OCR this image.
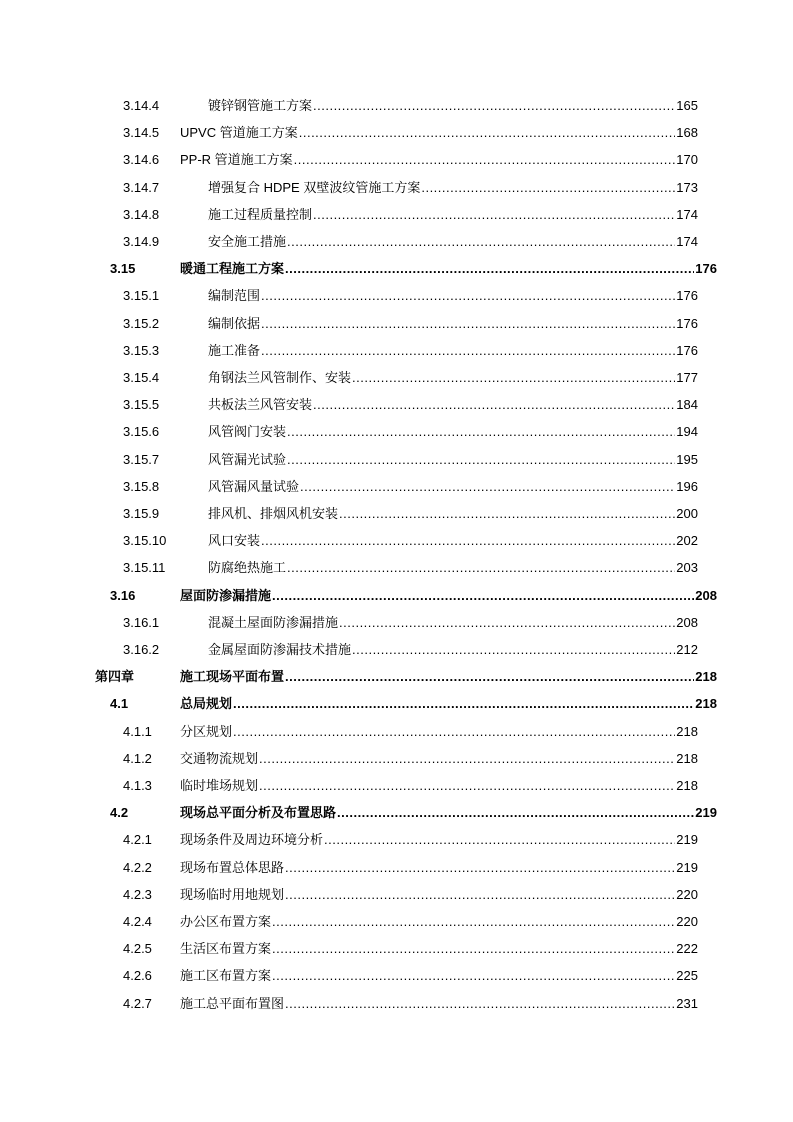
3.14.4	镀锌钢管施工方案 .....	165
3.14.5	UPVC 管道施工方案 .....	168
3.14.6	PP-R 管道施工方案 .....	170
3.14.7	增强复合 HDPE 双壁波纹管施工方案 .....	173
3.14.8	施工过程质量控制 .....	174
3.14.9	安全施工措施 .....	174
3.15	暖通工程施工方案 .....	176
3.15.1	编制范围 .....	176
3.15.2	编制依据 .....	176
3.15.3	施工准备 .....	176
3.15.4	角钢法兰风管制作、安装 .....	177
3.15.5	共板法兰风管安装 .....	184
3.15.6	风管阀门安装 .....	194
3.15.7	风管漏光试验 .....	195
3.15.8	风管漏风量试验 .....	196
3.15.9	排风机、排烟风机安装 .....	200
3.15.10	风口安装 .....	202
3.15.11	防腐绝热施工 .....	203
3.16	屋面防渗漏措施 .....	208
3.16.1	混凝土屋面防渗漏措施 .....	208
3.16.2	金属屋面防渗漏技术措施 .....	212
第四章	施工现场平面布置 .....	218
4.1	总局规划 .....	218
4.1.1	分区规划 .....	218
4.1.2	交通物流规划 .....	218
4.1.3	临时堆场规划 .....	218
4.2	现场总平面分析及布置思路 .....	219
4.2.1	现场条件及周边环境分析 .....	219
4.2.2	现场布置总体思路 .....	219
4.2.3	现场临时用地规划 .....	220
4.2.4	办公区布置方案 .....	220
4.2.5	生活区布置方案 .....	222
4.2.6	施工区布置方案 .....	225
4.2.7	施工总平面布置图 .....	231
